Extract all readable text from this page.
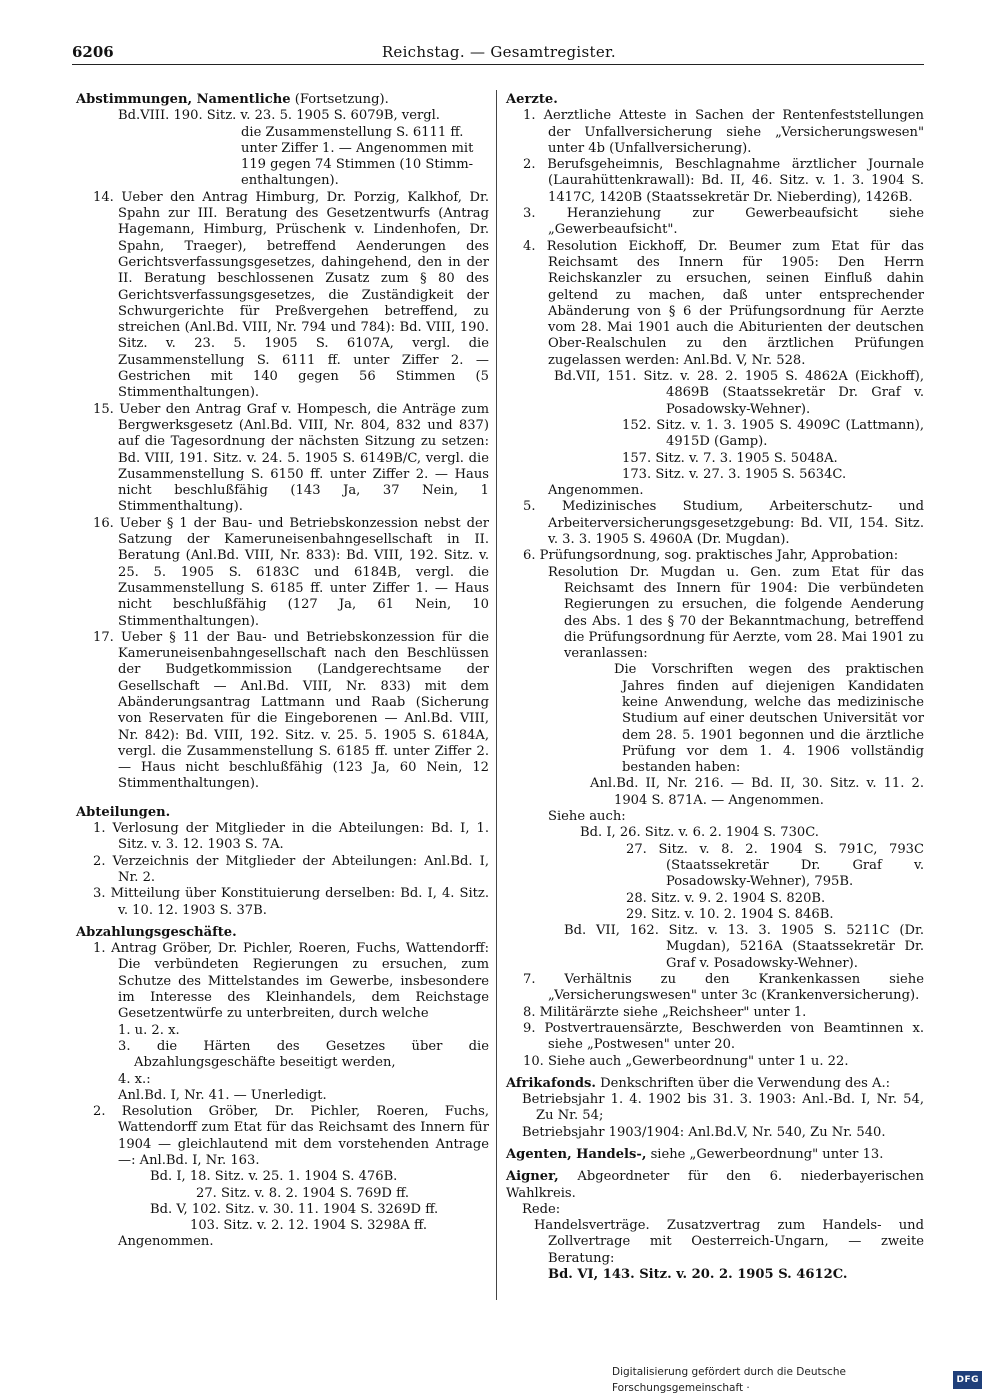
6206	Reichstag. — Gesamtregister.
Abstimmungen, Namentliche (Fortsetzung).
Bd.VIII. 190. Sitz. v. 23. 5. 1905 S. 6079B, vergl.
die Zusammenstellung S. 6111 ff.
unter Ziffer 1. — Angenommen mit
119 gegen 74 Stimmen (10 Stimm-
enthaltungen).

14. Ueber den Antrag Himburg, Dr. Porzig, Kalkhof, Dr. Spahn zur III. Beratung des Gesetzentwurfs (Antrag Hagemann, Himburg, Prüschenk v. Lindenhofen, Dr. Spahn, Traeger), betreffend Aenderungen des Gerichtsverfassungsgesetzes, dahingehend, den in der II. Beratung beschlossenen Zusatz zum § 80 des Gerichtsverfassungsgesetzes, die Zuständigkeit der Schwurgerichte für Preßvergehen betreffend, zu streichen (Anl.Bd. VIII, Nr. 794 und 784): Bd. VIII, 190. Sitz. v. 23. 5. 1905 S. 6107A, vergl. die Zusammenstellung S. 6111 ff. unter Ziffer 2. — Gestrichen mit 140 gegen 56 Stimmen (5 Stimmenthaltungen).

15. Ueber den Antrag Graf v. Hompesch, die Anträge zum Bergwerksgesetz (Anl.Bd. VIII, Nr. 804, 832 und 837) auf die Tagesordnung der nächsten Sitzung zu setzen: Bd. VIII, 191. Sitz. v. 24. 5. 1905 S. 6149B/C, vergl. die Zusammenstellung S. 6150 ff. unter Ziffer 2. — Haus nicht beschlußfähig (143 Ja, 37 Nein, 1 Stimmenthaltung).

16. Ueber § 1 der Bau- und Betriebskonzession nebst der Satzung der Kameruneisenbahngesellschaft in II. Beratung (Anl.Bd. VIII, Nr. 833): Bd. VIII, 192. Sitz. v. 25. 5. 1905 S. 6183C und 6184B, vergl. die Zusammenstellung S. 6185 ff. unter Ziffer 1. — Haus nicht beschlußfähig (127 Ja, 61 Nein, 10 Stimmenthaltungen).

17. Ueber § 11 der Bau- und Betriebskonzession für die Kameruneisenbahngesellschaft nach den Beschlüssen der Budgetkommission (Landgerechtsame der Gesellschaft — Anl.Bd. VIII, Nr. 833) mit dem Abänderungsantrag Lattmann und Raab (Sicherung von Reservaten für die Eingeborenen — Anl.Bd. VIII, Nr. 842): Bd. VIII, 192. Sitz. v. 25. 5. 1905 S. 6184A, vergl. die Zusammenstellung S. 6185 ff. unter Ziffer 2. — Haus nicht beschlußfähig (123 Ja, 60 Nein, 12 Stimmenthaltungen).

Abteilungen.

1. Verlosung der Mitglieder in die Abteilungen: Bd. I, 1. Sitz. v. 3. 12. 1903 S. 7A.

2. Verzeichnis der Mitglieder der Abteilungen: Anl.Bd. I, Nr. 2.

3. Mitteilung über Konstituierung derselben: Bd. I, 4. Sitz. v. 10. 12. 1903 S. 37B.

Abzahlungsgeschäfte.

1. Antrag Gröber, Dr. Pichler, Roeren, Fuchs, Wattendorff: Die verbündeten Regierungen zu ersuchen, zum Schutze des Mittelstandes im Gewerbe, insbesondere im Interesse des Kleinhandels, dem Reichstage Gesetzentwürfe zu unterbreiten, durch welche

1. u. 2. x.

3. die Härten des Gesetzes über die Abzahlungsgeschäfte beseitigt werden,

4. x.:
Anl.Bd. I, Nr. 41. — Unerledigt.

2. Resolution Gröber, Dr. Pichler, Roeren, Fuchs, Wattendorff zum Etat für das Reichsamt des Innern für 1904 — gleichlautend mit dem vorstehenden Antrage —: Anl.Bd. I, Nr. 163.

Bd. I, 18. Sitz. v. 25. 1. 1904 S. 476B.
27. Sitz. v. 8. 2. 1904 S. 769D ff.
Bd. V, 102. Sitz. v. 30. 11. 1904 S. 3269D ff.
103. Sitz. v. 2. 12. 1904 S. 3298A ff.
Angenommen.
Aerzte.

1. Aerztliche Atteste in Sachen der Rentenfeststellungen der Unfallversicherung siehe „Versicherungswesen" unter 4b (Unfallversicherung).

2. Berufsgeheimnis, Beschlagnahme ärztlicher Journale (Laurahüttenkrawall): Bd. II, 46. Sitz. v. 1. 3. 1904 S. 1417C, 1420B (Staatssekretär Dr. Nieberding), 1426B.

3. Heranziehung zur Gewerbeaufsicht siehe „Gewerbeaufsicht".

4. Resolution Eickhoff, Dr. Beumer zum Etat für das Reichsamt des Innern für 1905: Den Herrn Reichskanzler zu ersuchen, seinen Einfluß dahin geltend zu machen, daß unter entsprechender Abänderung von § 6 der Prüfungsordnung für Aerzte vom 28. Mai 1901 auch die Abiturienten der deutschen Ober-Realschulen zu den ärztlichen Prüfungen zugelassen werden: Anl.Bd. V, Nr. 528.

Bd.VII, 151. Sitz. v. 28. 2. 1905 S. 4862A (Eickhoff), 4869B (Staatssekretär Dr. Graf v. Posadowsky-Wehner).

152. Sitz. v. 1. 3. 1905 S. 4909C (Lattmann), 4915D (Gamp).

157. Sitz. v. 7. 3. 1905 S. 5048A.
173. Sitz. v. 27. 3. 1905 S. 5634C.
Angenommen.

5. Medizinisches Studium, Arbeiterschutz- und Arbeiterversicherungsgesetzgebung: Bd. VII, 154. Sitz. v. 3. 3. 1905 S. 4960A (Dr. Mugdan).

6. Prüfungsordnung, sog. praktisches Jahr, Approbation:

Resolution Dr. Mugdan u. Gen. zum Etat für das Reichsamt des Innern für 1904: Die verbündeten Regierungen zu ersuchen, die folgende Aenderung des Abs. 1 des § 70 der Bekanntmachung, betreffend die Prüfungsordnung für Aerzte, vom 28. Mai 1901 zu veranlassen:

Die Vorschriften wegen des praktischen Jahres finden auf diejenigen Kandidaten keine Anwendung, welche das medizinische Studium auf einer deutschen Universität vor dem 28. 5. 1901 begonnen und die ärztliche Prüfung vor dem 1. 4. 1906 vollständig bestanden haben:

Anl.Bd. II, Nr. 216. — Bd. II, 30. Sitz. v. 11. 2. 1904 S. 871A. — Angenommen.

Siehe auch:
Bd. I, 26. Sitz. v. 6. 2. 1904 S. 730C.

27. Sitz. v. 8. 2. 1904 S. 791C, 793C (Staatssekretär Dr. Graf v. Posadowsky-Wehner), 795B.

28. Sitz. v. 9. 2. 1904 S. 820B.
29. Sitz. v. 10. 2. 1904 S. 846B.

Bd. VII, 162. Sitz. v. 13. 3. 1905 S. 5211C (Dr. Mugdan), 5216A (Staatssekretär Dr. Graf v. Posadowsky-Wehner).

7. Verhältnis zu den Krankenkassen siehe „Versicherungswesen" unter 3c (Krankenversicherung).

8. Militärärzte siehe „Reichsheer" unter 1.

9. Postvertrauensärzte, Beschwerden von Beamtinnen x. siehe „Postwesen" unter 20.

10. Siehe auch „Gewerbeordnung" unter 1 u. 22.

Afrikafonds. Denkschriften über die Verwendung des A.:

Betriebsjahr 1. 4. 1902 bis 31. 3. 1903: Anl.-Bd. I, Nr. 54, Zu Nr. 54;

Betriebsjahr 1903/1904: Anl.Bd.V, Nr. 540, Zu Nr. 540.
Agenten, Handels-, siehe „Gewerbeordnung" unter 13.
Aigner, Abgeordneter für den 6. niederbayerischen Wahlkreis.
Rede:

Handelsverträge. Zusatzvertrag zum Handels- und Zollvertrage mit Oesterreich-Ungarn, — zweite Beratung:

Bd. VI, 143. Sitz. v. 20. 2. 1905 S. 4612C.
Digitalisierung gefördert durch die Deutsche Forschungsgemeinschaft ·
DFG
